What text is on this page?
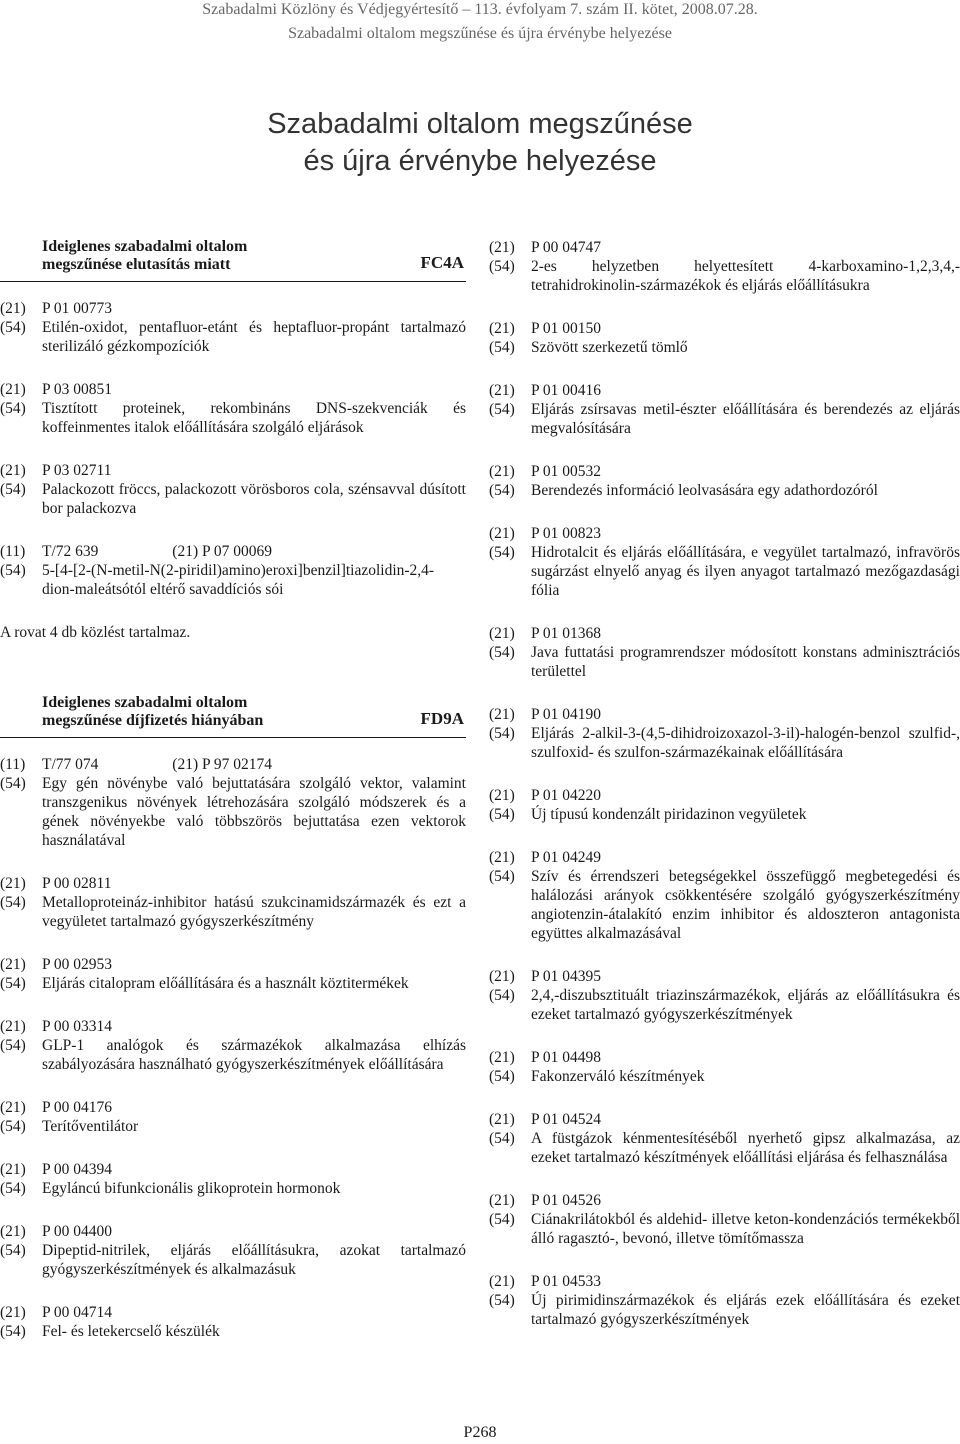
Szabadalmi Közlöny és Védjegyértesítő – 113. évfolyam 7. szám II. kötet, 2008.07.28.
Szabadalmi oltalom megszűnése és újra érvénybe helyezése
Szabadalmi oltalom megszűnése
és újra érvénybe helyezése
Ideiglenes szabadalmi oltalom
megszűnése elutasítás miatt	FC4A
(21) P 01 00773
(54) Etilén-oxidot, pentafluor-etánt és heptafluor-propánt tartalmazó sterilizáló gézkompozíciók
(21) P 03 00851
(54) Tisztított proteinek, rekombináns DNS-szekvenciák és koffeinmentes italok előállítására szolgáló eljárások
(21) P 03 02711
(54) Palackozott fröccs, palackozott vörösboros cola, szénsavval dúsított bor palackozva
(11) T/72 639	(21) P 07 00069
(54) 5-[4-[2-(N-metil-N(2-piridil)amino)eroxi]benzil]tiazolidin-2,4-dion-maleátsótól eltérő savaddíciós sói
A rovat 4 db közlést tartalmaz.
Ideiglenes szabadalmi oltalom
megszűnése díjfizetés hiányában	FD9A
(11) T/77 074	(21) P 97 02174
(54) Egy gén növénybe való bejuttatására szolgáló vektor, valamint transzgenikus növények létrehozására szolgáló módszerek és a gének növényekbe való többszörös bejuttatása ezen vektorok használatával
(21) P 00 02811
(54) Metalloproteináz-inhibitor hatású szukcinamidszármazék és ezt a vegyületet tartalmazó gyógyszerkészítmény
(21) P 00 02953
(54) Eljárás citalopram előállítására és a használt köztitermékek
(21) P 00 03314
(54) GLP-1 analógok és származékok alkalmazása elhízás szabályozására használható gyógyszerkészítmények előállítására
(21) P 00 04176
(54) Terítőventilátor
(21) P 00 04394
(54) Egyláncú bifunkcionális glikoprotein hormonok
(21) P 00 04400
(54) Dipeptid-nitrilek, eljárás előállításukra, azokat tartalmazó gyógyszerkészítmények és alkalmazásuk
(21) P 00 04714
(54) Fel- és letekercselő készülék
(21) P 00 04747
(54) 2-es helyzetben helyettesített 4-karboxamino-1,2,3,4,-tetrahidrokinolin-származékok és eljárás előállításukra
(21) P 01 00150
(54) Szövött szerkezetű tömlő
(21) P 01 00416
(54) Eljárás zsírsavas metil-észter előállítására és berendezés az eljárás megvalósítására
(21) P 01 00532
(54) Berendezés információ leolvasására egy adathordozóról
(21) P 01 00823
(54) Hidrotalcit és eljárás előállítására, e vegyület tartalmazó, infravörös sugárzást elnyelő anyag és ilyen anyagot tartalmazó mezőgazdasági fólia
(21) P 01 01368
(54) Java futtatási programrendszer módosított konstans adminisztrációs területtel
(21) P 01 04190
(54) Eljárás 2-alkil-3-(4,5-dihidroizoxazol-3-il)-halogén-benzol szulfid-, szulfoxid- és szulfon-származékainak előállítására
(21) P 01 04220
(54) Új típusú kondenzált piridazinon vegyületek
(21) P 01 04249
(54) Szív és érrendszeri betegségekkel összefüggő megbetegedési és halálozási arányok csökkentésére szolgáló gyógyszerkészítmény angiotenzin-átalakító enzim inhibitor és aldoszteron antagonista együttes alkalmazásával
(21) P 01 04395
(54) 2,4,-diszubsztituált triazinszármazékok, eljárás az előállításukra és ezeket tartalmazó gyógyszerkészítmények
(21) P 01 04498
(54) Fakonzerváló készítmények
(21) P 01 04524
(54) A füstgázok kénmentesítéséből nyerhető gipsz alkalmazása, az ezeket tartalmazó készítmények előállítási eljárása és felhasználása
(21) P 01 04526
(54) Ciánakrilátokból és aldehid- illetve keton-kondenzációs termékekből álló ragasztó-, bevonó, illetve tömítőmassza
(21) P 01 04533
(54) Új pirimidinszármazékok és eljárás ezek előállítására és ezeket tartalmazó gyógyszerkészítmények
P268
